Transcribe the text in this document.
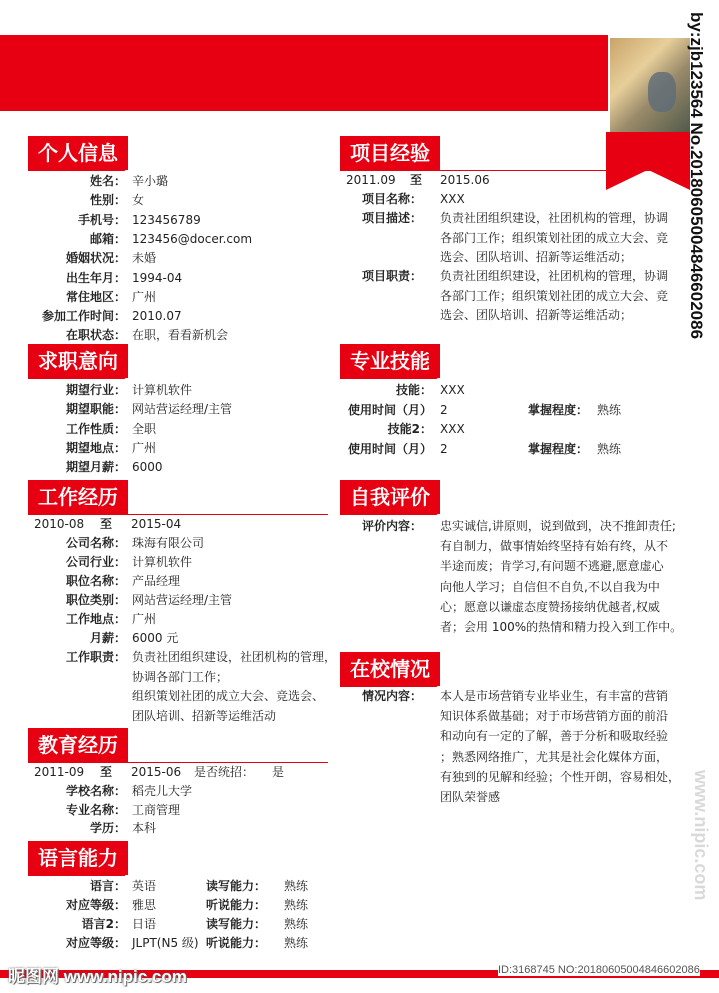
by:zjb123564 No.20180605004846602086
个人信息
姓名： 辛小璐
性别： 女
手机号： 123456789
邮箱： 123456@docer.com
婚姻状况： 未婚
出生年月： 1994-04
常住地区： 广州
参加工作时间： 2010.07
在职状态： 在职，看看新机会
求职意向
期望行业： 计算机软件
期望职能： 网站营运经理/主管
工作性质： 全职
期望地点： 广州
期望月薪： 6000
工作经历
2010-08 至 2015-04
公司名称： 珠海有限公司
公司行业： 计算机软件
职位名称： 产品经理
职位类别： 网站营运经理/主管
工作地点： 广州
月薪： 6000 元
工作职责： 负责社团组织建设，社团机构的管理，
协调各部门工作；
组织策划社团的成立大会、竞选会、
团队培训、招新等运维活动
教育经历
2011-09 至 2015-06 是否统招： 是
学校名称： 稻壳儿大学
专业名称： 工商管理
学历： 本科
语言能力
语言： 英语	读写能力： 熟练
对应等级： 雅思	听说能力： 熟练
语言2： 日语	读写能力： 熟练
对应等级： JLPT(N5 级) 听说能力： 熟练
项目经验
2011.09 至 2015.06
项目名称： XXX
项目描述： 负责社团组织建设，社团机构的管理，协调
各部门工作；组织策划社团的成立大会、竞
选会、团队培训、招新等运维活动；
项目职责： 负责社团组织建设，社团机构的管理，协调
各部门工作；组织策划社团的成立大会、竞
选会、团队培训、招新等运维活动；
专业技能
技能： XXX
使用时间（月） 2	掌握程度： 熟练
技能2： XXX
使用时间（月） 2	掌握程度： 熟练
自我评价
评价内容： 忠实诚信,讲原则，说到做到，决不推卸责任;
有自制力，做事情始终坚持有始有终，从不
半途而废；肯学习,有问题不逃避,愿意虚心
向他人学习；自信但不自负,不以自我为中
心；愿意以谦虚态度赞扬接纳优越者,权威
者；会用 100%的热情和精力投入到工作中。
在校情况
情况内容： 本人是市场营销专业毕业生，有丰富的营销
知识体系做基础；对于市场营销方面的前沿
和动向有一定的了解，善于分析和吸取经验
；熟悉网络推广，尤其是社会化媒体方面，
有独到的见解和经验；个性开朗，容易相处，
团队荣誉感	www.nipic.com
昵图网 www.nipic.com	ID:3168745 NO:20180605004846602086
